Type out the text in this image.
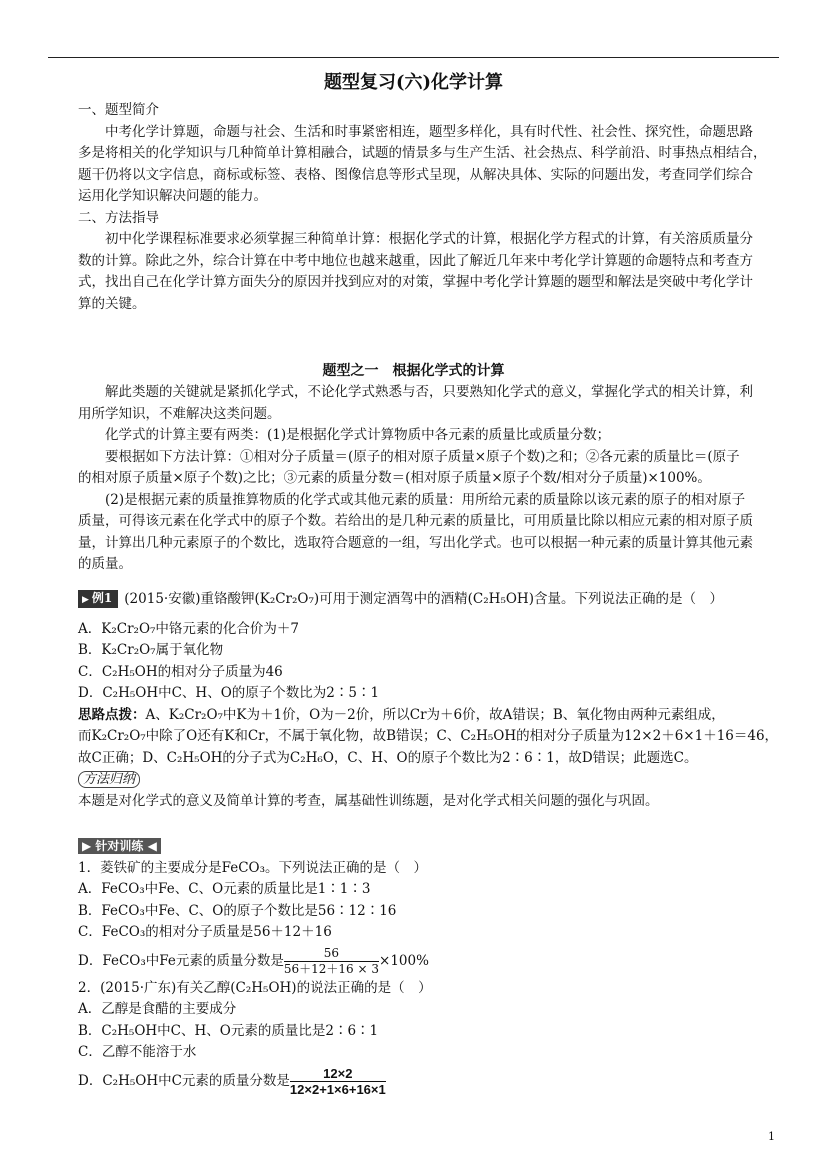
题型复习(六)化学计算
一、题型简介
中考化学计算题，命题与社会、生活和时事紧密相连，题型多样化，具有时代性、社会性、探究性，命题思路
多是将相关的化学知识与几种简单计算相融合，试题的情景多与生产生活、社会热点、科学前沿、时事热点相结合，
题干仍将以文字信息，商标或标签、表格、图像信息等形式呈现，从解决具体、实际的问题出发，考查同学们综合
运用化学知识解决问题的能力。
二、方法指导
初中化学课程标准要求必须掌握三种简单计算：根据化学式的计算，根据化学方程式的计算，有关溶质质量分
数的计算。除此之外，综合计算在中考中地位也越来越重，因此了解近几年来中考化学计算题的命题特点和考查方
式，找出自己在化学计算方面失分的原因并找到应对的对策，掌握中考化学计算题的题型和解法是突破中考化学计
算的关键。
题型之一　根据化学式的计算
解此类题的关键就是紧抓化学式，不论化学式熟悉与否，只要熟知化学式的意义，掌握化学式的相关计算，利
用所学知识，不难解决这类问题。
化学式的计算主要有两类：(1)是根据化学式计算物质中各元素的质量比或质量分数；
要根据如下方法计算：①相对分子质量＝(原子的相对原子质量×原子个数)之和；②各元素的质量比＝(原子
的相对原子质量×原子个数)之比；③元素的质量分数＝(相对原子质量×原子个数/相对分子质量)×100%。
(2)是根据元素的质量推算物质的化学式或其他元素的质量：用所给元素的质量除以该元素的原子的相对原子
质量，可得该元素在化学式中的原子个数。若给出的是几种元素的质量比，可用质量比除以相应元素的相对原子质
量，计算出几种元素原子的个数比，选取符合题意的一组，写出化学式。也可以根据一种元素的质量计算其他元素
的质量。
▶ 例1 (2015·安徽)重铬酸钾(K₂Cr₂O₇)可用于测定酒驾中的酒精(C₂H₅OH)含量。下列说法正确的是（　）
A．K₂Cr₂O₇中铬元素的化合价为＋7
B．K₂Cr₂O₇属于氧化物
C．C₂H₅OH的相对分子质量为46
D．C₂H₅OH中C、H、O的原子个数比为2∶5∶1
思路点拨：A、K₂Cr₂O₇中K为＋1价，O为－2价，所以Cr为＋6价，故A错误；B、氧化物由两种元素组成，
而K₂Cr₂O₇中除了O还有K和Cr，不属于氧化物，故B错误；C、C₂H₅OH的相对分子质量为12×2＋6×1＋16＝46，
故C正确；D、C₂H₅OH的分子式为C₂H₆O，C、H、O的原子个数比为2∶6∶1，故D错误；此题选C。
方法归纳
本题是对化学式的意义及简单计算的考查，属基础性训练题，是对化学式相关问题的强化与巩固。
▶ 针对训练 ◀
1．菱铁矿的主要成分是FeCO₃。下列说法正确的是（　）
A．FeCO₃中Fe、C、O元素的质量比是1∶1∶3
B．FeCO₃中Fe、C、O的原子个数比是56∶12∶16
C．FeCO₃的相对分子质量是56＋12＋16
D．FeCO₃中Fe元素的质量分数是 $\frac{56}{56+12+16 \times 3} \times 100\%$
2．(2015·广东)有关乙醇(C₂H₅OH)的说法正确的是（　）
A．乙醇是食醋的主要成分
B．C₂H₅OH中C、H、O元素的质量比是2∶6∶1
C．乙醇不能溶于水
D．C₂H₅OH中C元素的质量分数是 $\frac{12\times 2}{12\times 2+1\times 6+16\times 1}$
1
